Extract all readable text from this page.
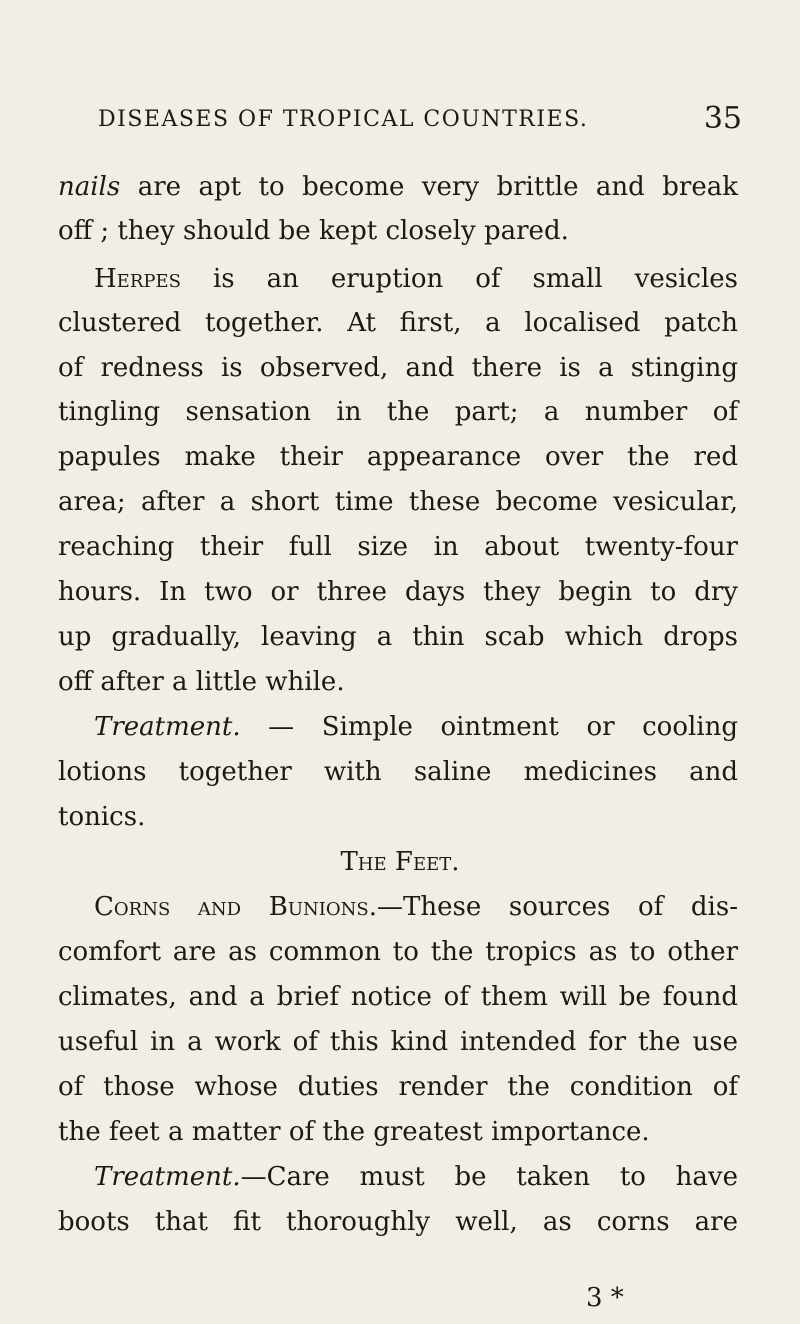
DISEASES OF TROPICAL COUNTRIES.	35
nails are apt to become very brittle and break
off ; they should be kept closely pared.
Herpes is an eruption of small vesicles
clustered together. At first, a localised patch
of redness is observed, and there is a stinging
tingling sensation in the part; a number of
papules make their appearance over the red
area; after a short time these become vesicular,
reaching their full size in about twenty-four
hours. In two or three days they begin to dry
up gradually, leaving a thin scab which drops
off after a little while.
Treatment. — Simple ointment or cooling
lotions together with saline medicines and
tonics.
The Feet.
Corns and Bunions.—These sources of dis-
comfort are as common to the tropics as to other
climates, and a brief notice of them will be found
useful in a work of this kind intended for the use
of those whose duties render the condition of
the feet a matter of the greatest importance.
Treatment.—Care must be taken to have
boots that fit thoroughly well, as corns are
3 *
